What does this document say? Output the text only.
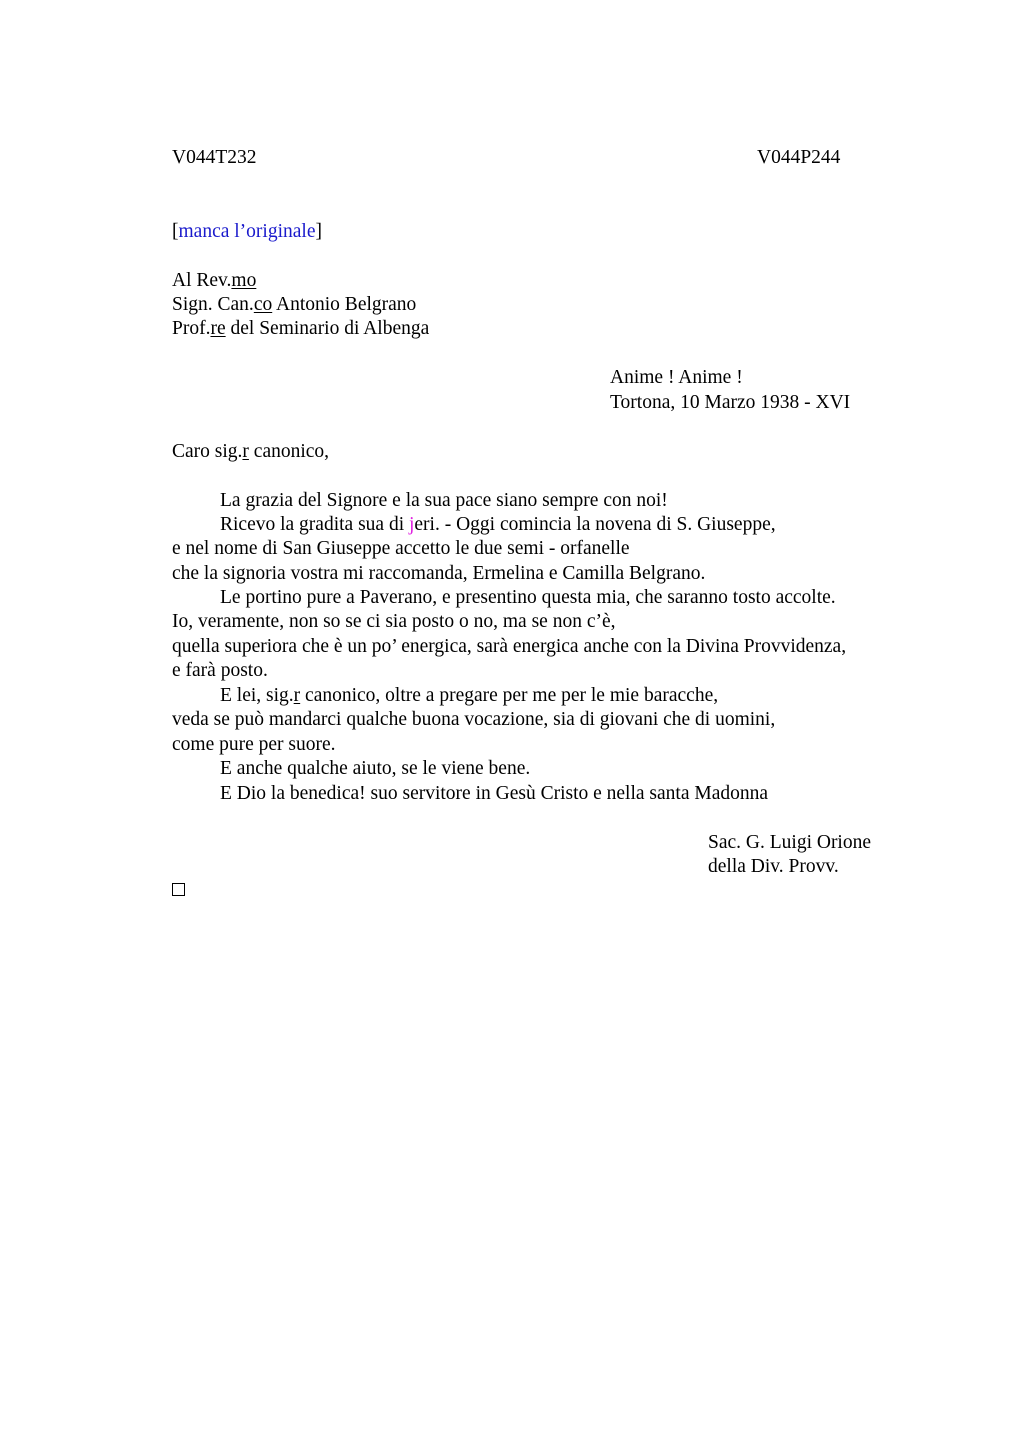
V044T232	V044P244
[manca l’originale]
Al Rev.mo
Sign. Can.co Antonio Belgrano
Prof.re del Seminario di Albenga
Anime ! Anime !
Tortona, 10 Marzo 1938 - XVI
Caro sig.r canonico,
La grazia del Signore e la sua pace siano sempre con noi!
Ricevo la gradita sua di jeri. - Oggi comincia la novena di S. Giuseppe,
e nel nome di San Giuseppe accetto le due semi - orfanelle
che la signoria vostra mi raccomanda, Ermelina e Camilla Belgrano.
Le portino pure a Paverano, e presentino questa mia, che saranno tosto accolte.
Io, veramente, non so se ci sia posto o no, ma se non c’è,
quella superiora che è un po’ energica, sarà energica anche con la Divina Provvidenza,
e farà posto.
E lei, sig.r canonico, oltre a pregare per me per le mie baracche,
veda se può mandarci qualche buona vocazione, sia di giovani che di uomini,
come pure per suore.
E anche qualche aiuto, se le viene bene.
E Dio la benedica! suo servitore in Gesù Cristo e nella santa Madonna
Sac. G. Luigi Orione
della Div. Provv.
